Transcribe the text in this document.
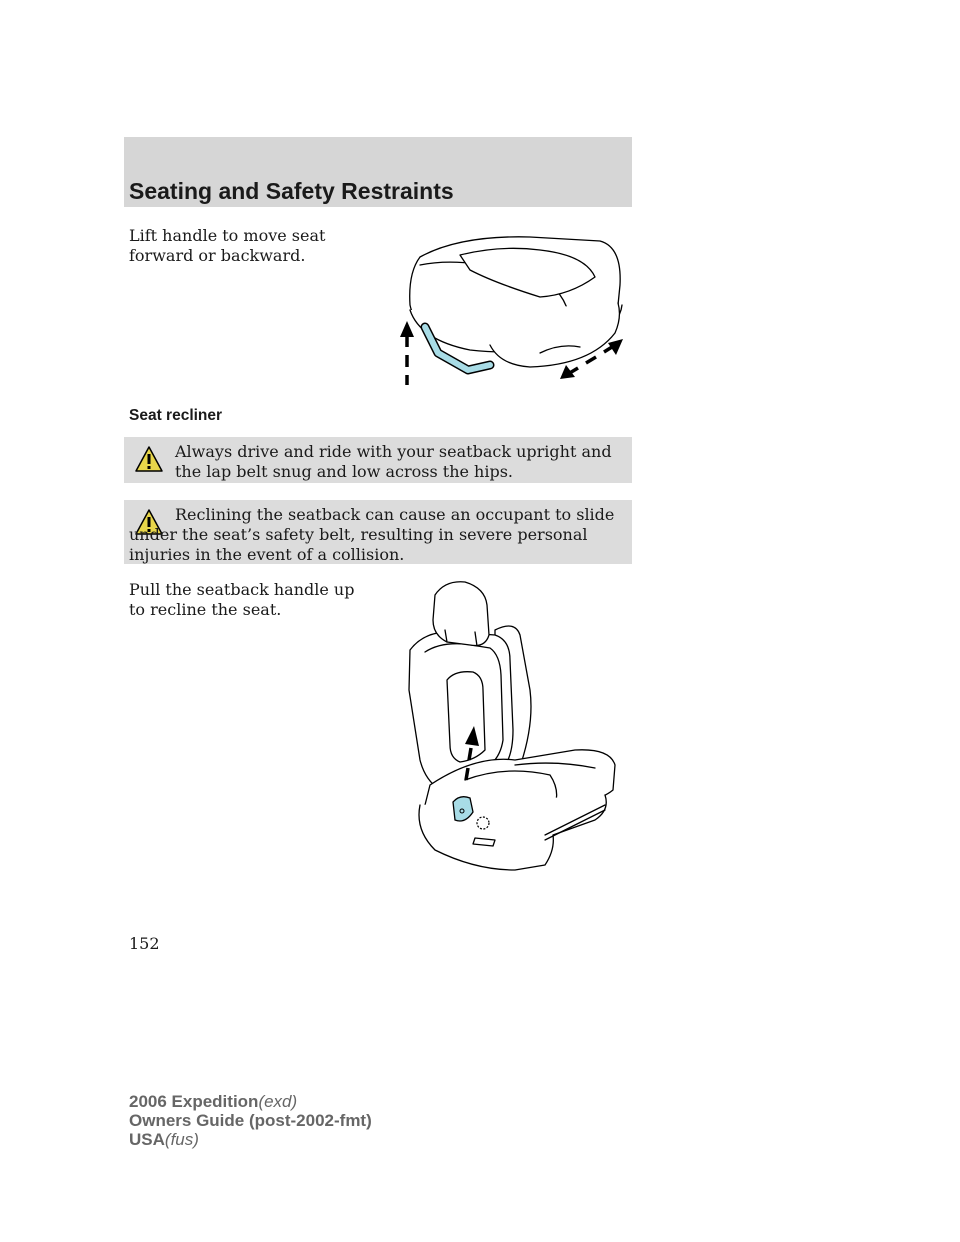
Seating and Safety Restraints
Lift handle to move seat forward or backward.
Seat recliner
Always drive and ride with your seatback upright and the lap belt snug and low across the hips.
Reclining the seatback can cause an occupant to slide under the seat’s safety belt, resulting in severe personal injuries in the event of a collision.
Pull the seatback handle up to recline the seat.
152
2006 Expedition(exd)
Owners Guide (post-2002-fmt)
USA(fus)
